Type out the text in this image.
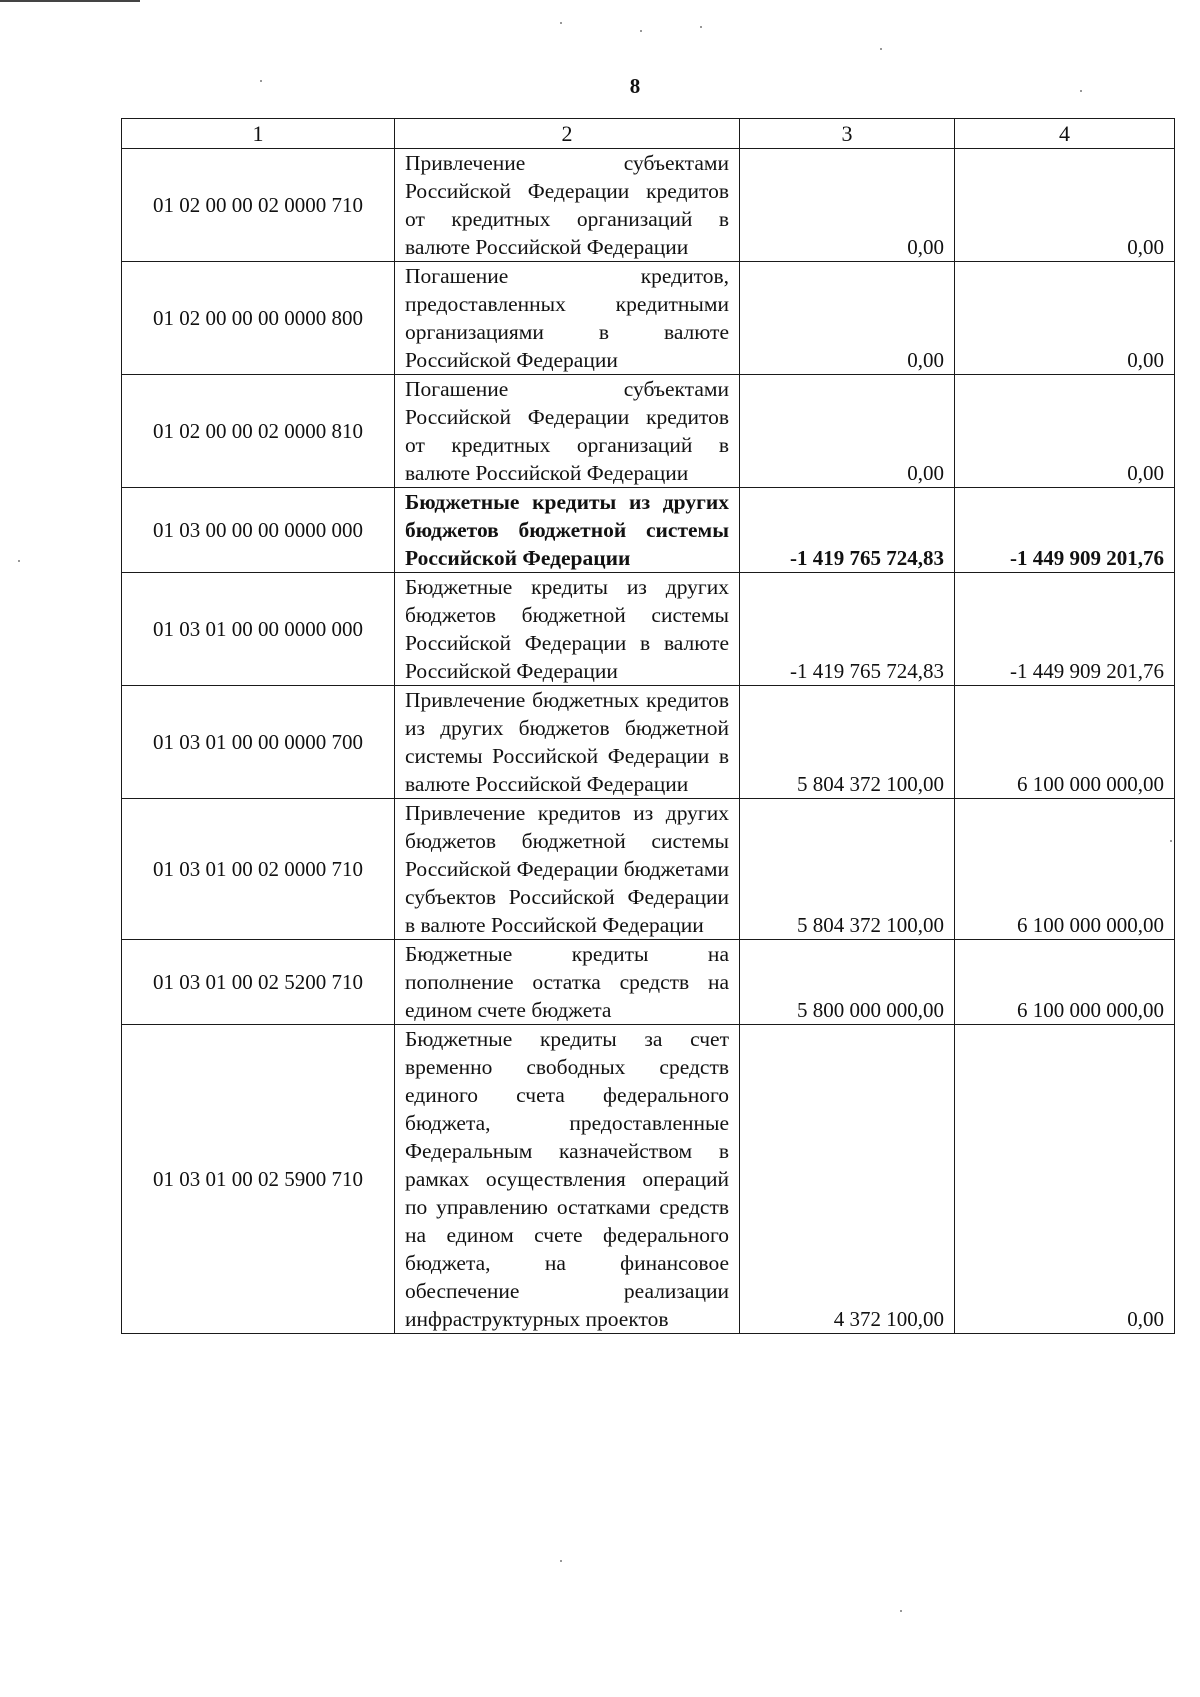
8
1	2	3	4
01 02 00 00 02 0000 710	Привлечение субъектами Российской Федерации кредитов от кредитных организаций в валюте Российской Федерации	0,00	0,00
01 02 00 00 00 0000 800	Погашение кредитов, предоставленных кредитными организациями в валюте Российской Федерации	0,00	0,00
01 02 00 00 02 0000 810	Погашение субъектами Российской Федерации кредитов от кредитных организаций в валюте Российской Федерации	0,00	0,00
01 03 00 00 00 0000 000	Бюджетные кредиты из других бюджетов бюджетной системы Российской Федерации	-1 419 765 724,83	-1 449 909 201,76
01 03 01 00 00 0000 000	Бюджетные кредиты из других бюджетов бюджетной системы Российской Федерации в валюте Российской Федерации	-1 419 765 724,83	-1 449 909 201,76
01 03 01 00 00 0000 700	Привлечение бюджетных кредитов из других бюджетов бюджетной системы Российской Федерации в валюте Российской Федерации	5 804 372 100,00	6 100 000 000,00
01 03 01 00 02 0000 710	Привлечение кредитов из других бюджетов бюджетной системы Российской Федерации бюджетами субъектов Российской Федерации в валюте Российской Федерации	5 804 372 100,00	6 100 000 000,00
01 03 01 00 02 5200 710	Бюджетные кредиты на пополнение остатка средств на едином счете бюджета	5 800 000 000,00	6 100 000 000,00
01 03 01 00 02 5900 710	Бюджетные кредиты за счет временно свободных средств единого счета федерального бюджета, предоставленные Федеральным казначейством в рамках осуществления операций по управлению остатками средств на едином счете федерального бюджета, на финансовое обеспечение реализации инфраструктурных проектов	4 372 100,00	0,00
